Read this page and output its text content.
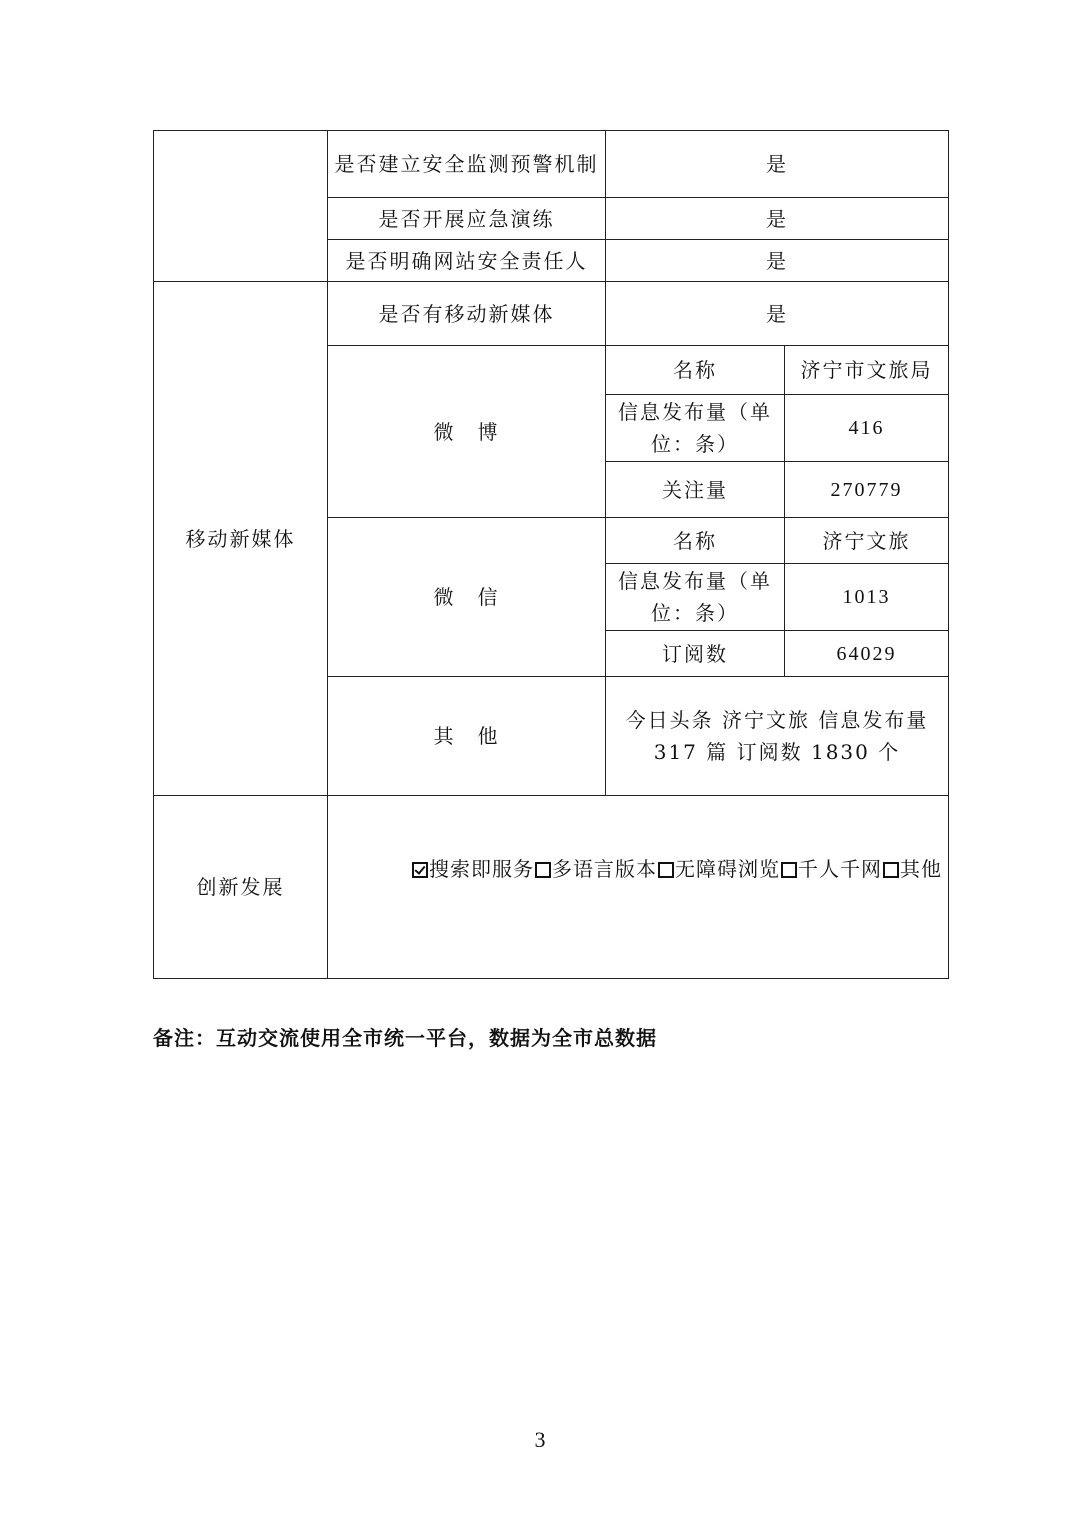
	是否建立安全监测预警机制	是	
	是否开展应急演练	是	
	是否明确网站安全责任人	是	
移动新媒体	是否有移动新媒体	是	
	微　博	名称	济宁市文旅局
		信息发布量（单位：条）	416
		关注量	270779
	微　信	名称	济宁文旅
		信息发布量（单位：条）	1013
		订阅数	64029
	其　他	今日头条 济宁文旅 信息发布量 317 篇 订阅数 1830 个	
创新发展	搜索即服务 多语言版本 无障碍浏览 千人千网 其他		
备注：互动交流使用全市统一平台，数据为全市总数据
3
